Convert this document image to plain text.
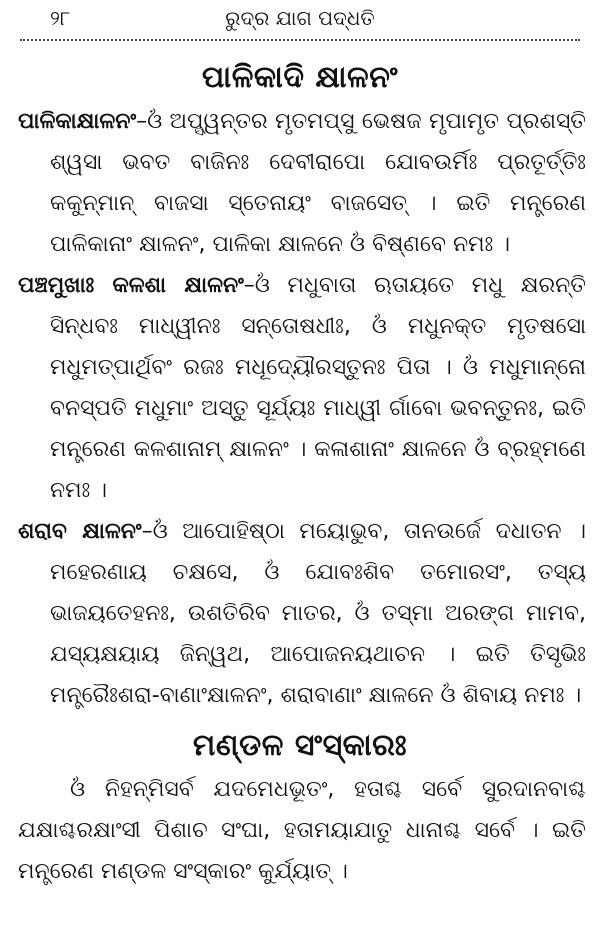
୨୮	ରୁଦ୍ର ଯାଗ ପଦ୍ଧତି
ପାଳିକାଦି କ୍ଷାଳନଂ

ପାଳିକାକ୍ଷାଳନଂ–ଓଁ ଅପ୍ସ୍ୱନ୍ତର ମୃତମପ୍ସୁ ଭେଷଜ ମୃପାମୃତ ପ୍ରଶସ୍ତି ଶ୍ୱସା ଭବତ ବାଜିନଃ ଦେବୀରାପୋ ଯୋବଉର୍ମିଃ ପ୍ରତୂର୍ତ୍ତିଃ କକୁନ୍ମାନ୍ ବାଜସା ସ୍ତେନାୟଂ ବାଜସେତ୍ । ଇତି ମନ୍ତ୍ରେଣ ପାଳିକାନାଂ କ୍ଷାଳନଂ, ପାଳିକା କ୍ଷାଳନେ ଓଁ ବିଷ୍ଣବେ ନମଃ ।

ପଞ୍ଚମୁଖାଃ କଳଶା କ୍ଷାଳନଂ–ଓଁ ମଧୁବାତା ଋତାୟତେ ମଧୁ କ୍ଷରନ୍ତି ସିନ୍ଧବଃ ମାଧ୍ୱୀନଃ ସନ୍ତୋଷଧୀଃ, ଓଁ ମଧୁନକ୍ତ ମୃତଷସୋ ମଧୁମତ୍‌ପାର୍ଥିବଂ ରଜଃ ମଧୂଦ୍ୟୌରସ୍ତୁନଃ ପିତା । ଓଁ ମଧୁମାନ୍ନୋ ବନସ୍ପତି ମଧୁମାଂ ଅସ୍ତୁ ସୂର୍ଯ୍ୟଃ ମାଧ୍ୱୀ ର୍ଗାବୋ ଭବନ୍ତୁନଃ, ଇତି ମନ୍ତ୍ରେଣ କଳଶାନାମ୍ କ୍ଷାଳନଂ । କଳାଶାନାଂ କ୍ଷାଳନେ ଓଁ ବ୍ରହ୍ମଣେ ନମଃ ।

ଶରାବ କ୍ଷାଳନଂ–ଓଁ ଆପୋହିଷ୍ଠା ମୟୋଭୁବ, ତାନଉର୍ଜେ ଦଧାତନ । ମହେରଣାୟ ଚକ୍ଷସେ, ଓଁ ଯୋବଃଶିବ ତମୋରସଂ, ତସ୍ୟ ଭାଜୟତେହନଃ, ଉଶତିରିବ ମାତର, ଓଁ ତସ୍ମା ଅରଙ୍ଗ ମାମବ, ଯସ୍ୟକ୍ଷୟାୟ ଜିନ୍ୱଥ, ଆପୋଜନୟଥାଚନ । ଇତି ତିସୃଭିଃ ମନ୍ତ୍ରୈଃଶରା-ବାଣାଂକ୍ଷାଳନଂ, ଶରାବାଣାଂ କ୍ଷାଳନେ ଓଁ ଶିବାୟ ନମଃ ।

ମଣ୍ଡଳ ସଂସ୍କାରଃ

ଓଁ ନିହନ୍ମିସର୍ବ ଯଦମେଧଭୂତଂ, ହତାଶ୍ଚ ସର୍ବେ ସୁରଦାନବାଶ୍ଚ ଯକ୍ଷାଶ୍ଚରକ୍ଷାଂସୀ ପିଶାଚ ସଂଘା, ହତାମୟାଯାତୁ ଧାନାଶ୍ଚ ସର୍ବେ । ଇତି ମନ୍ତ୍ରେଣ ମଣ୍ଡଳ ସଂସ୍କାରଂ କୁର୍ଯ୍ୟାତ୍ ।
